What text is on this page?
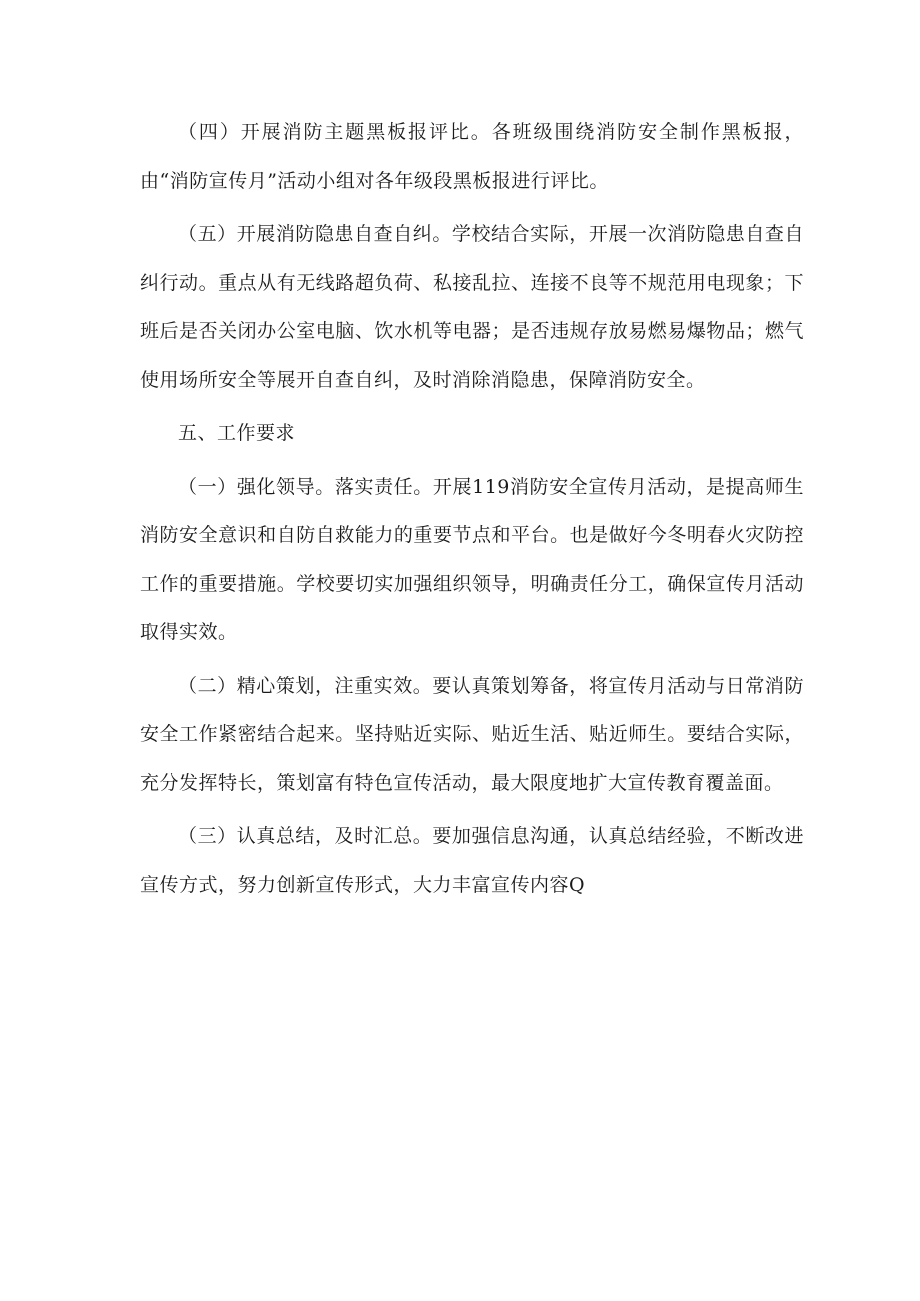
（四）开展消防主题黑板报评比。各班级围绕消防安全制作黑板报，由“消防宣传月”活动小组对各年级段黑板报进行评比。

（五）开展消防隐患自查自纠。学校结合实际，开展一次消防隐患自查自纠行动。重点从有无线路超负荷、私接乱拉、连接不良等不规范用电现象；下班后是否关闭办公室电脑、饮水机等电器；是否违规存放易燃易爆物品；燃气使用场所安全等展开自查自纠，及时消除消隐患，保障消防安全。

五、工作要求

（一）强化领导。落实责任。开展119消防安全宣传月活动，是提高师生消防安全意识和自防自救能力的重要节点和平台。也是做好今冬明春火灾防控工作的重要措施。学校要切实加强组织领导，明确责任分工，确保宣传月活动取得实效。

（二）精心策划，注重实效。要认真策划筹备，将宣传月活动与日常消防安全工作紧密结合起来。坚持贴近实际、贴近生活、贴近师生。要结合实际，充分发挥特长，策划富有特色宣传活动，最大限度地扩大宣传教育覆盖面。

（三）认真总结，及时汇总。要加强信息沟通，认真总结经验，不断改进宣传方式，努力创新宣传形式，大力丰富宣传内容Q
